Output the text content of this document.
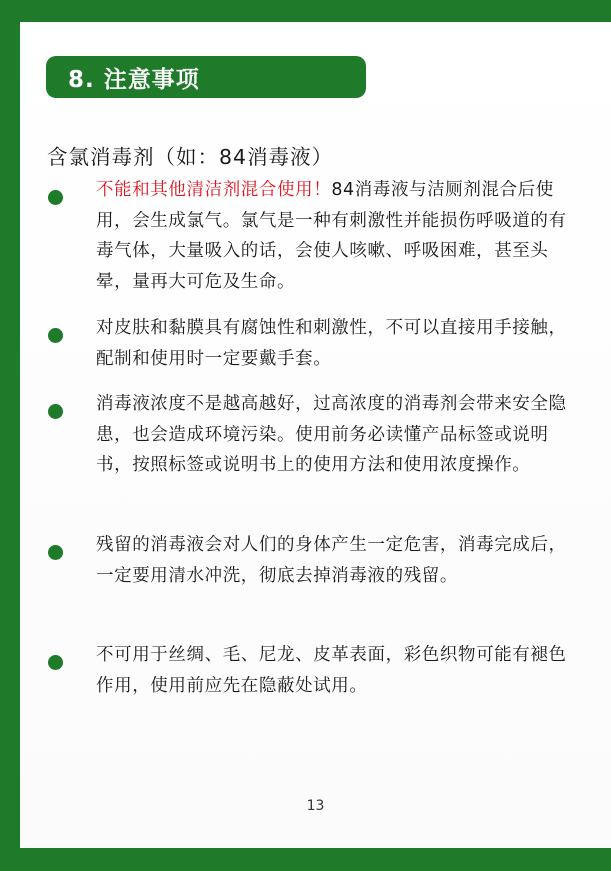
8. 注意事项
含氯消毒剂（如：84消毒液）
不能和其他清洁剂混合使用！84消毒液与洁厕剂混合后使用，会生成氯气。氯气是一种有刺激性并能损伤呼吸道的有毒气体，大量吸入的话，会使人咳嗽、呼吸困难，甚至头晕，量再大可危及生命。
对皮肤和黏膜具有腐蚀性和刺激性，不可以直接用手接触，配制和使用时一定要戴手套。
消毒液浓度不是越高越好，过高浓度的消毒剂会带来安全隐患，也会造成环境污染。使用前务必读懂产品标签或说明书，按照标签或说明书上的使用方法和使用浓度操作。
残留的消毒液会对人们的身体产生一定危害，消毒完成后，一定要用清水冲洗，彻底去掉消毒液的残留。
不可用于丝绸、毛、尼龙、皮革表面，彩色织物可能有褪色作用，使用前应先在隐蔽处试用。
13
